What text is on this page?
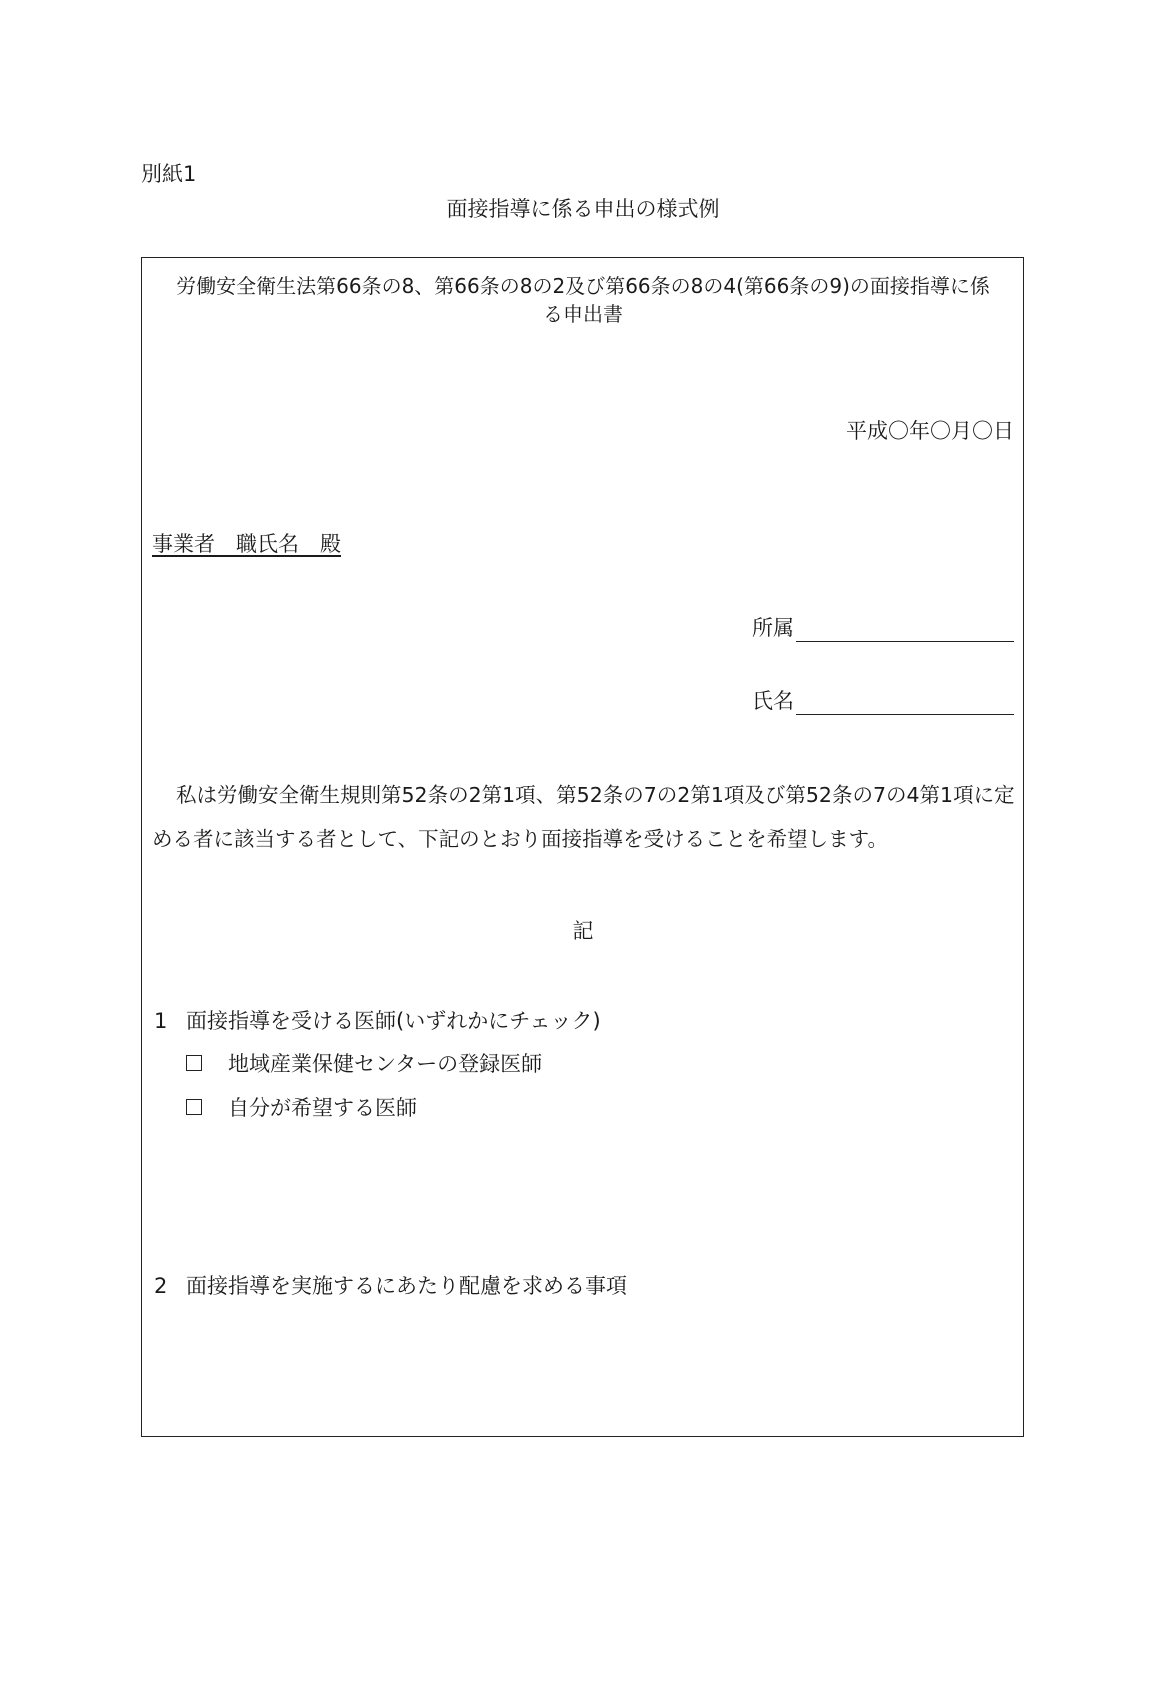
別紙1
面接指導に係る申出の様式例
労働安全衛生法第66条の8、第66条の8の2及び第66条の8の4(第66条の9)の面接指導に係
る申出書
平成〇年〇月〇日
事業者　職氏名　殿
所属
氏名
私は労働安全衛生規則第52条の2第1項、第52条の7の2第1項及び第52条の7の4第1項に定
める者に該当する者として、下記のとおり面接指導を受けることを希望します。
記
1 面接指導を受ける医師(いずれかにチェック)
地域産業保健センターの登録医師
自分が希望する医師
2 面接指導を実施するにあたり配慮を求める事項
